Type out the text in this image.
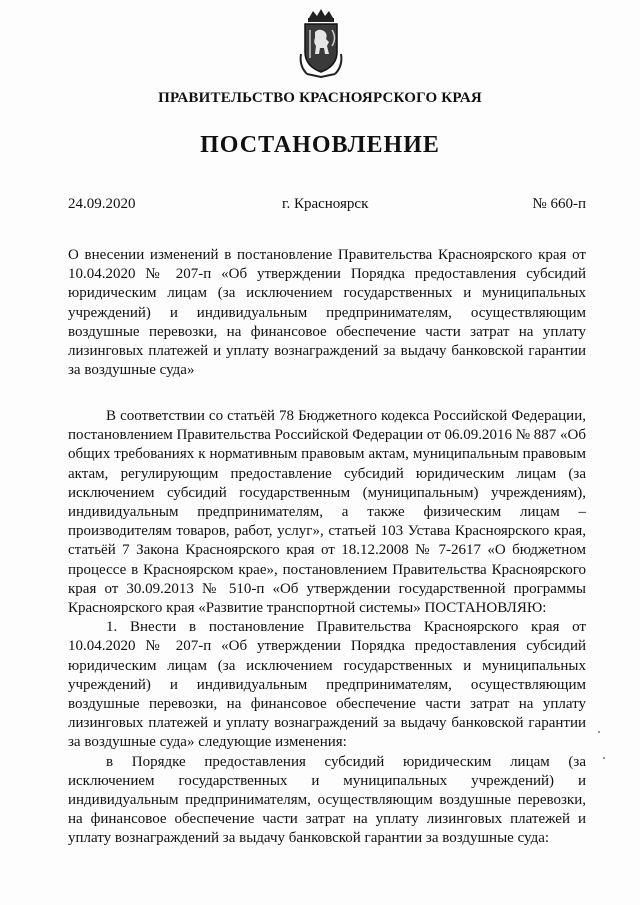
ПРАВИТЕЛЬСТВО КРАСНОЯРСКОГО КРАЯ
ПОСТАНОВЛЕНИЕ
24.09.2020	г. Красноярск	№ 660-п

О внесении изменений в постановление Правительства Красноярского края от 10.04.2020 № 207-п «Об утверждении Порядка предоставления субсидий юридическим лицам (за исключением государственных и муниципальных учреждений) и индивидуальным предпринимателям, осуществляющим воздушные перевозки, на финансовое обеспечение части затрат на уплату лизинговых платежей и уплату вознаграждений за выдачу банковской гарантии за воздушные суда»

В соответствии со статьёй 78 Бюджетного кодекса Российской Федерации, постановлением Правительства Российской Федерации от 06.09.2016 № 887 «Об общих требованиях к нормативным правовым актам, муниципальным правовым актам, регулирующим предоставление субсидий юридическим лицам (за исключением субсидий государственным (муниципальным) учреждениям), индивидуальным предпринимателям, а также физическим лицам – производителям товаров, работ, услуг», статьей 103 Устава Красноярского края, статьёй 7 Закона Красноярского края от 18.12.2008 № 7-2617 «О бюджетном процессе в Красноярском крае», постановлением Правительства Красноярского края от 30.09.2013 № 510-п «Об утверждении государственной программы Красноярского края «Развитие транспортной системы» ПОСТАНОВЛЯЮ:

1. Внести в постановление Правительства Красноярского края от 10.04.2020 № 207-п «Об утверждении Порядка предоставления субсидий юридическим лицам (за исключением государственных и муниципальных учреждений) и индивидуальным предпринимателям, осуществляющим воздушные перевозки, на финансовое обеспечение части затрат на уплату лизинговых платежей и уплату вознаграждений за выдачу банковской гарантии за воздушные суда» следующие изменения:

в Порядке предоставления субсидий юридическим лицам (за исключением государственных и муниципальных учреждений) и индивидуальным предпринимателям, осуществляющим воздушные перевозки, на финансовое обеспечение части затрат на уплату лизинговых платежей и уплату вознаграждений за выдачу банковской гарантии за воздушные суда:
